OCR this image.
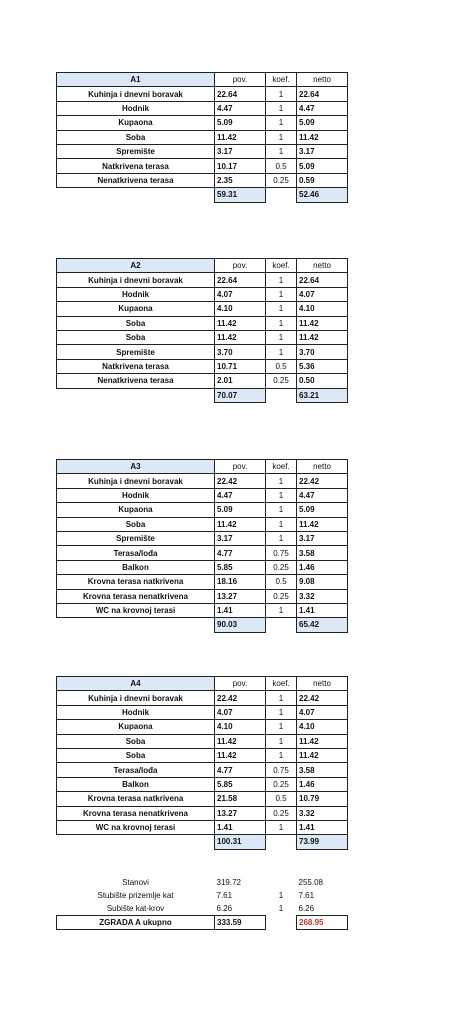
A1	pov.	koef.	netto
Kuhinja i dnevni boravak	22.64	1	22.64
Hodnik	4.47	1	4.47
Kupaona	5.09	1	5.09
Soba	11.42	1	11.42
Spremište	3.17	1	3.17
Natkrivena terasa	10.17	0.5	5.09
Nenatkrivena terasa	2.35	0.25	0.59
	59.31		52.46
A2	pov.	koef.	netto
Kuhinja i dnevni boravak	22.64	1	22.64
Hodnik	4.07	1	4.07
Kupaona	4.10	1	4.10
Soba	11.42	1	11.42
Soba	11.42	1	11.42
Spremište	3.70	1	3.70
Natkrivena terasa	10.71	0.5	5.36
Nenatkrivena terasa	2.01	0.25	0.50
	70.07		63.21
A3	pov.	koef.	netto
Kuhinja i dnevni boravak	22.42	1	22.42
Hodnik	4.47	1	4.47
Kupaona	5.09	1	5.09
Soba	11.42	1	11.42
Spremište	3.17	1	3.17
Terasa/lođa	4.77	0.75	3.58
Balkon	5.85	0.25	1.46
Krovna terasa natkrivena	18.16	0.5	9.08
Krovna terasa nenatkrivena	13.27	0.25	3.32
WC na krovnoj terasi	1.41	1	1.41
	90.03		65.42
A4	pov.	koef.	netto
Kuhinja i dnevni boravak	22.42	1	22.42
Hodnik	4.07	1	4.07
Kupaona	4.10	1	4.10
Soba	11.42	1	11.42
Soba	11.42	1	11.42
Terasa/lođa	4.77	0.75	3.58
Balkon	5.85	0.25	1.46
Krovna terasa natkrivena	21.58	0.5	10.79
Krovna terasa nenatkrivena	13.27	0.25	3.32
WC na krovnoj terasi	1.41	1	1.41
	100.31		73.99
Stanovi	319.72		255.08
Stubište prizemlje kat	7.61	1	7.61
Subište kat-krov	6.26	1	6.26
ZGRADA A ukupno	333.59		268.95
